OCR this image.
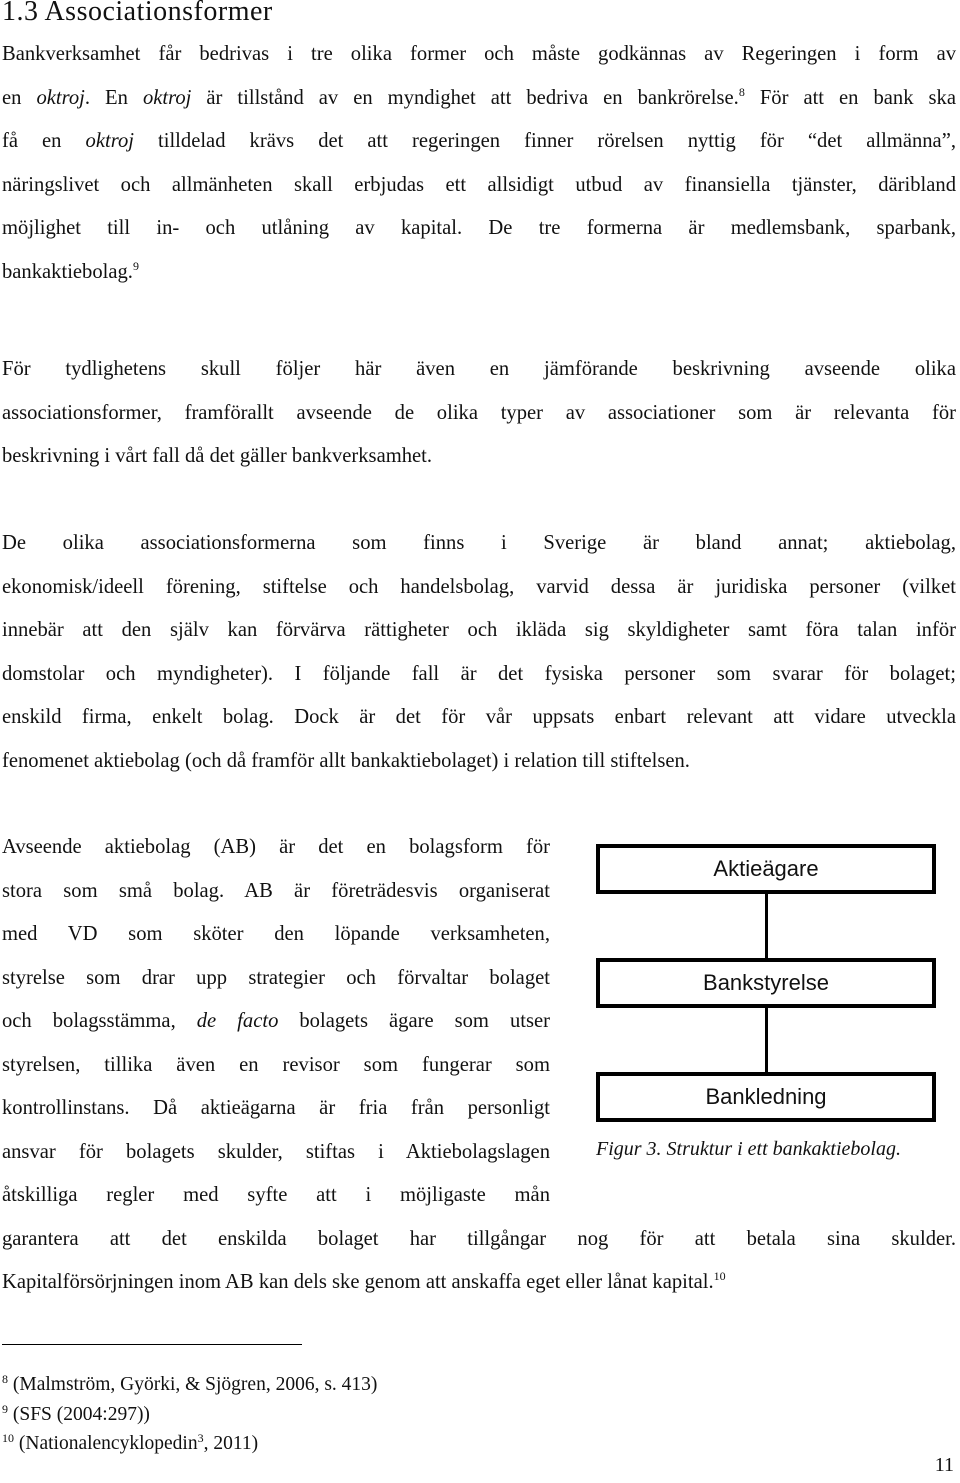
1.3 Associationsformer
Bankverksamhet får bedrivas i tre olika former och måste godkännas av Regeringen i form av
en oktroj. En oktroj är tillstånd av en myndighet att bedriva en bankrörelse.$^8$ För att en bank ska
få en oktroj tilldelad krävs det att regeringen finner rörelsen nyttig för “det allmänna”,
näringslivet och allmänheten skall erbjudas ett allsidigt utbud av finansiella tjänster, däribland
möjlighet till in- och utlåning av kapital. De tre formerna är medlemsbank, sparbank,
bankaktiebolag.$^9$
För tydlighetens skull följer här även en jämförande beskrivning avseende olika
associationsformer, framförallt avseende de olika typer av associationer som är relevanta för
beskrivning i vårt fall då det gäller bankverksamhet.
De olika associationsformerna som finns i Sverige är bland annat; aktiebolag,
ekonomisk/ideell förening, stiftelse och handelsbolag, varvid dessa är juridiska personer (vilket
innebär att den själv kan förvärva rättigheter och ikläda sig skyldigheter samt föra talan inför
domstolar och myndigheter). I följande fall är det fysiska personer som svarar för bolaget;
enskild firma, enkelt bolag. Dock är det för vår uppsats enbart relevant att vidare utveckla
fenomenet aktiebolag (och då framför allt bankaktiebolaget) i relation till stiftelsen.
Avseende aktiebolag (AB) är det en bolagsform för
stora som små bolag. AB är företrädesvis organiserat
med VD som sköter den löpande verksamheten,
styrelse som drar upp strategier och förvaltar bolaget
och bolagsstämma, de facto bolagets ägare som utser
styrelsen, tillika även en revisor som fungerar som
kontrollinstans. Då aktieägarna är fria från personligt
ansvar för bolagets skulder, stiftas i Aktiebolagslagen
åtskilliga regler med syfte att i möjligaste mån
garantera att det enskilda bolaget har tillgångar nog för att betala sina skulder.
Kapitalförsörjningen inom AB kan dels ske genom att anskaffa eget eller lånat kapital.$^{10}$
Aktieägare
Bankstyrelse
Bankledning

Figur 3. Struktur i ett bankaktiebolag.

$^8$ (Malmström, Györki, & Sjögren, 2006, s. 413)

$^9$ (SFS (2004:297))

$^{10}$ (Nationalencyklopedin$^3$, 2011)

11
